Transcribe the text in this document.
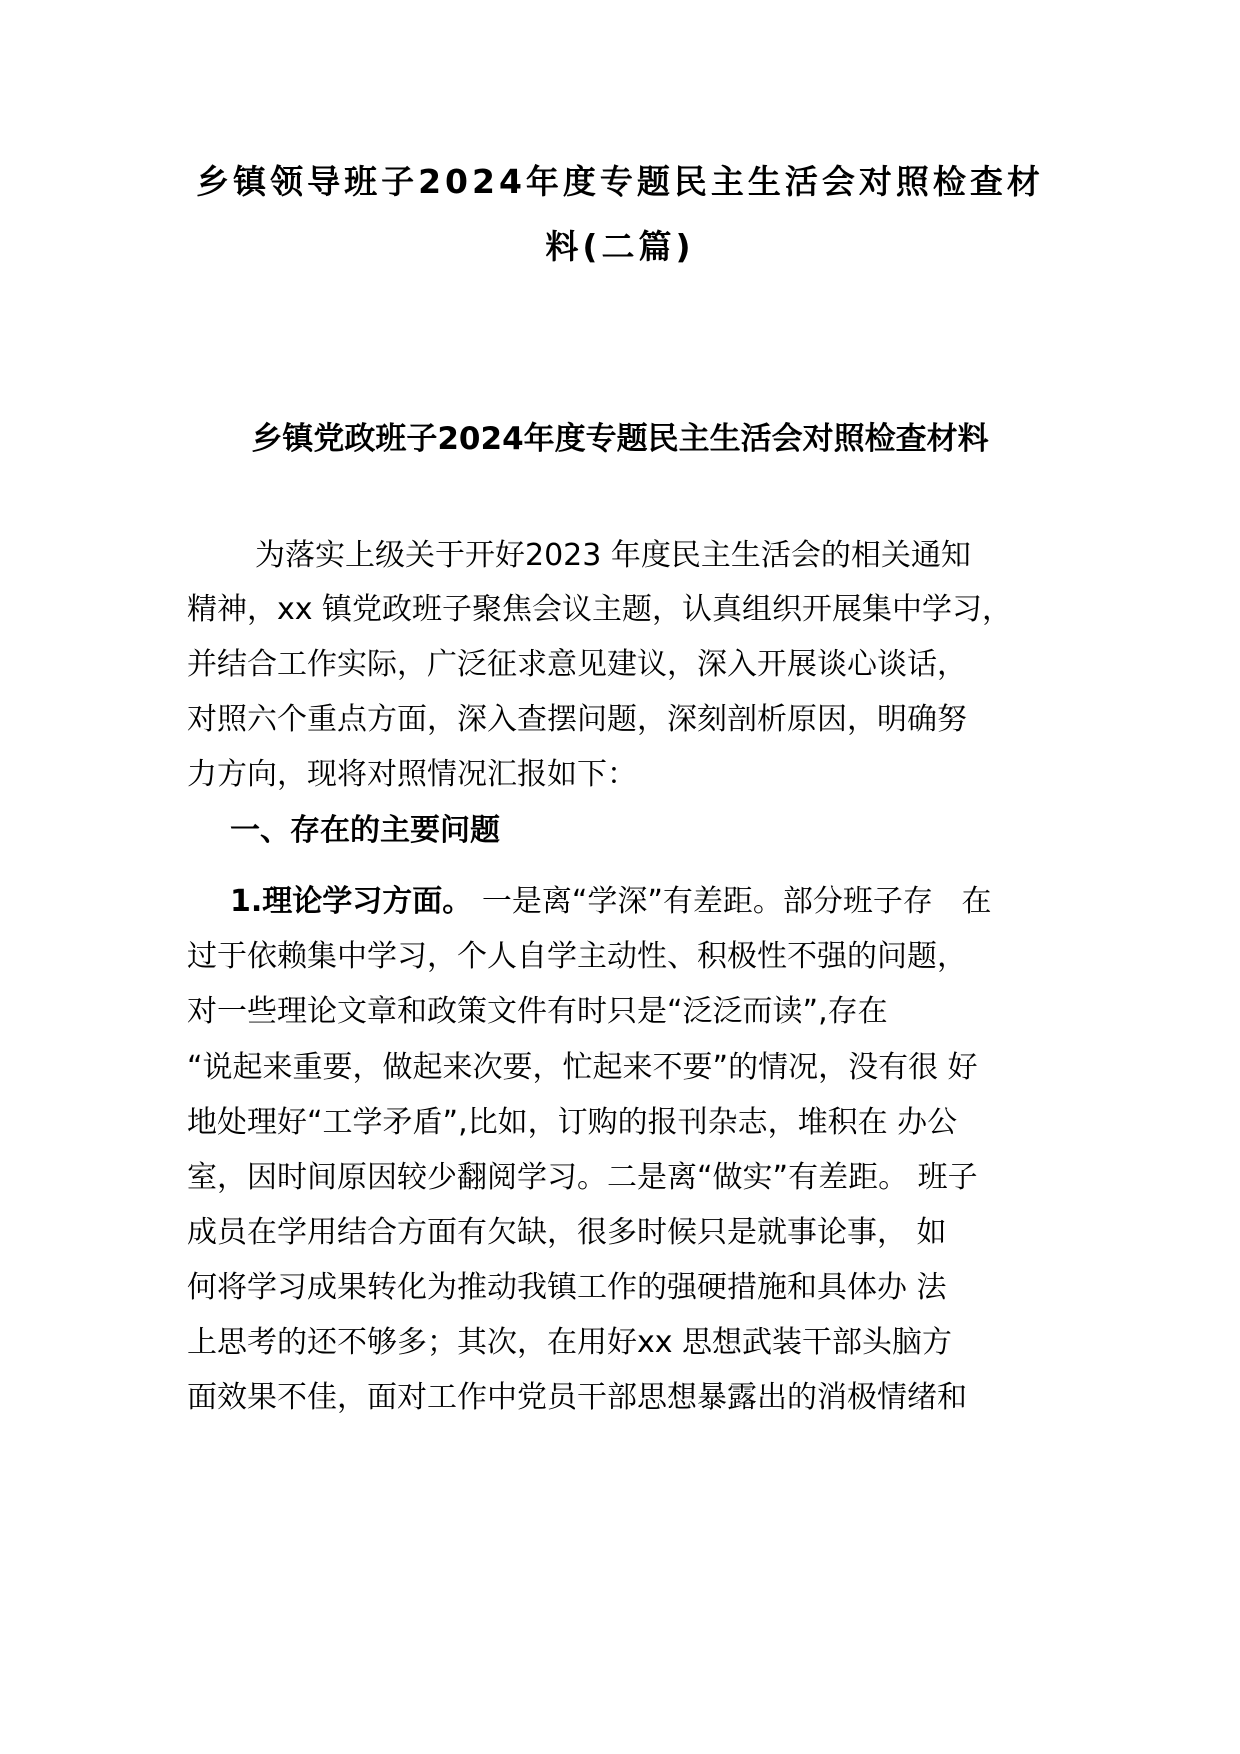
乡镇领导班子2024年度专题民主生活会对照检查材
料(二篇)
乡镇党政班子2024年度专题民主生活会对照检查材料

为落实上级关于开好2023 年度民主生活会的相关通知

精神，xx 镇党政班子聚焦会议主题，认真组织开展集中学习，

并结合工作实际，广泛征求意见建议，深入开展谈心谈话，

对照六个重点方面，深入查摆问题，深刻剖析原因，明确努

力方向，现将对照情况汇报如下：

一、存在的主要问题

1.理论学习方面。 一是离“学深”有差距。部分班子存   在

过于依赖集中学习，个人自学主动性、积极性不强的问题，

对一些理论文章和政策文件有时只是“泛泛而读”,存在

“说起来重要，做起来次要，忙起来不要”的情况，没有很 好

地处理好“工学矛盾”,比如，订购的报刊杂志，堆积在 办公

室，因时间原因较少翻阅学习。二是离“做实”有差距。 班子

成员在学用结合方面有欠缺，很多时候只是就事论事， 如

何将学习成果转化为推动我镇工作的强硬措施和具体办 法

上思考的还不够多；其次，在用好xx 思想武装干部头脑方

面效果不佳，面对工作中党员干部思想暴露出的消极情绪和
